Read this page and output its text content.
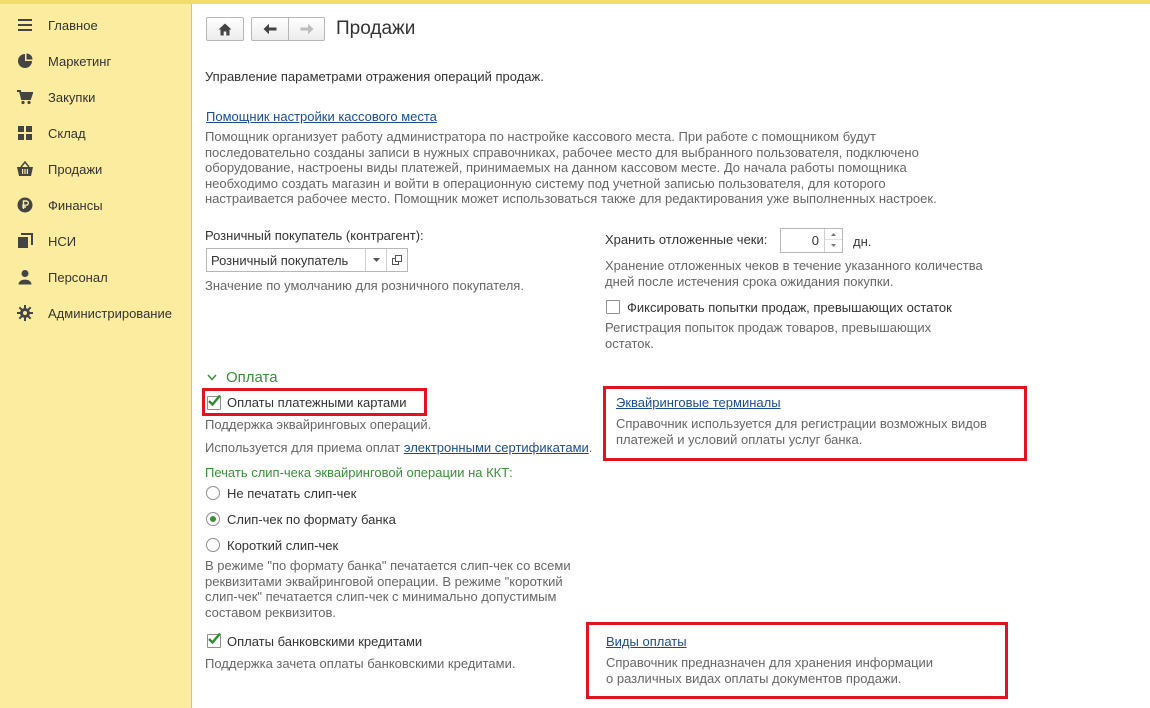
Главное
Маркетинг
Закупки
Склад
Продажи
Финансы
НСИ
Персонал
Администрирование
Продажи
Управление параметрами отражения операций продаж.
Помощник настройки кассового места
Помощник организует работу администратора по настройке кассового места. При работе с помощником будут
последовательно созданы записи в нужных справочниках, рабочее место для выбранного пользователя, подключено
оборудование, настроены виды платежей, принимаемых на данном кассовом месте. До начала работы помощника
необходимо создать магазин и войти в операционную систему под учетной записью пользователя, для которого
настраивается рабочее место. Помощник может использоваться также для редактирования уже выполненных настроек.
Розничный покупатель (контрагент):
Розничный покупатель
Значение по умолчанию для розничного покупателя.
Хранить отложенные чеки:	0	дн.
Хранение отложенных чеков в течение указанного количества
дней после истечения срока ожидания покупки.
Фиксировать попытки продаж, превышающих остаток
Регистрация попыток продаж товаров, превышающих
остаток.
Оплата
Оплаты платежными картами
Поддержка эквайринговых операций.
Используется для приема оплат электронными сертификатами.
Эквайринговые терминалы
Справочник используется для регистрации возможных видов
платежей и условий оплаты услуг банка.
Печать слип-чека эквайринговой операции на ККТ:
Не печатать слип-чек
Слип-чек по формату банка
Короткий слип-чек
В режиме "по формату банка" печатается слип-чек со всеми
реквизитами эквайринговой операции. В режиме "короткий
слип-чек" печатается слип-чек с минимально допустимым
составом реквизитов.
Оплаты банковскими кредитами
Поддержка зачета оплаты банковскими кредитами.
Виды оплаты
Справочник предназначен для хранения информации
о различных видах оплаты документов продажи.
